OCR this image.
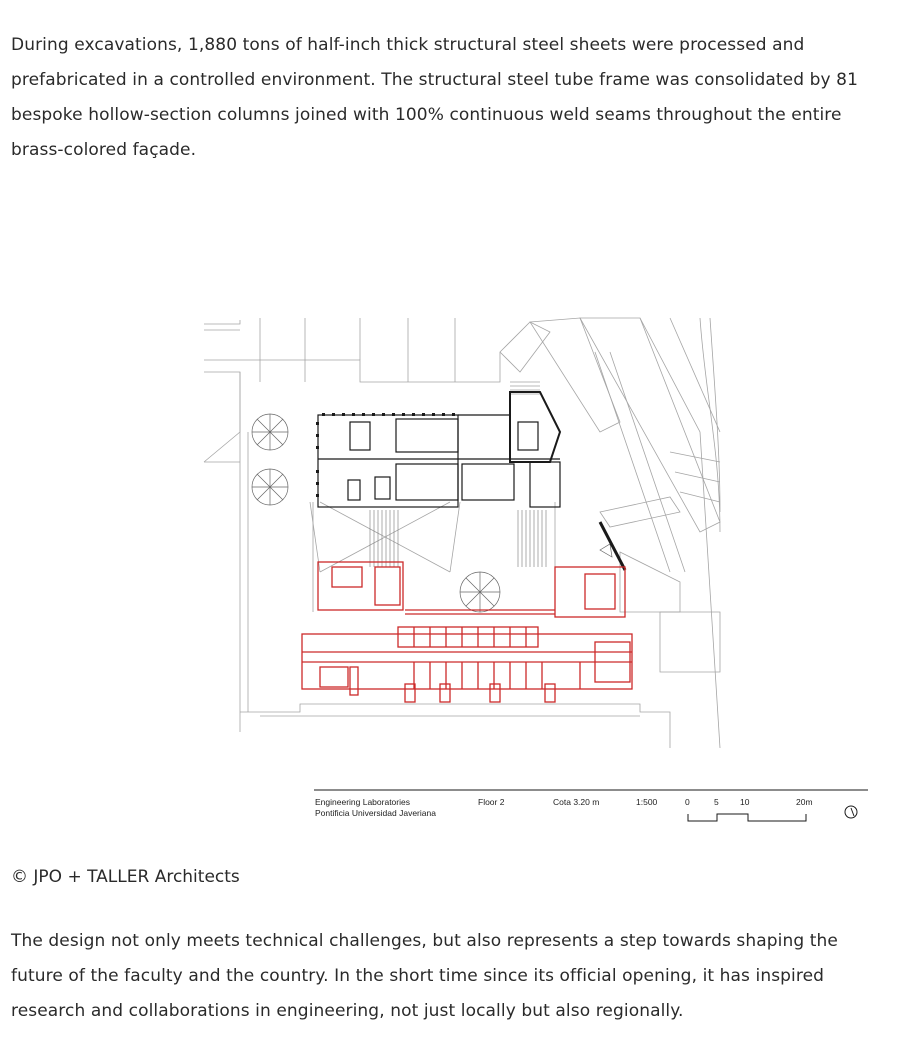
During excavations, 1,880 tons of half-inch thick structural steel sheets were processed and prefabricated in a controlled environment. The structural steel tube frame was consolidated by 81 bespoke hollow-section columns joined with 100% continuous weld seams throughout the entire brass-colored façade.

Engineering Laboratories
Pontificia Universidad Javeriana
Floor 2	Cota 3.20 m	1:500	0	5	10	20m

© JPO + TALLER Architects

The design not only meets technical challenges, but also represents a step towards shaping the future of the faculty and the country. In the short time since its official opening, it has inspired research and collaborations in engineering, not just locally but also regionally.
